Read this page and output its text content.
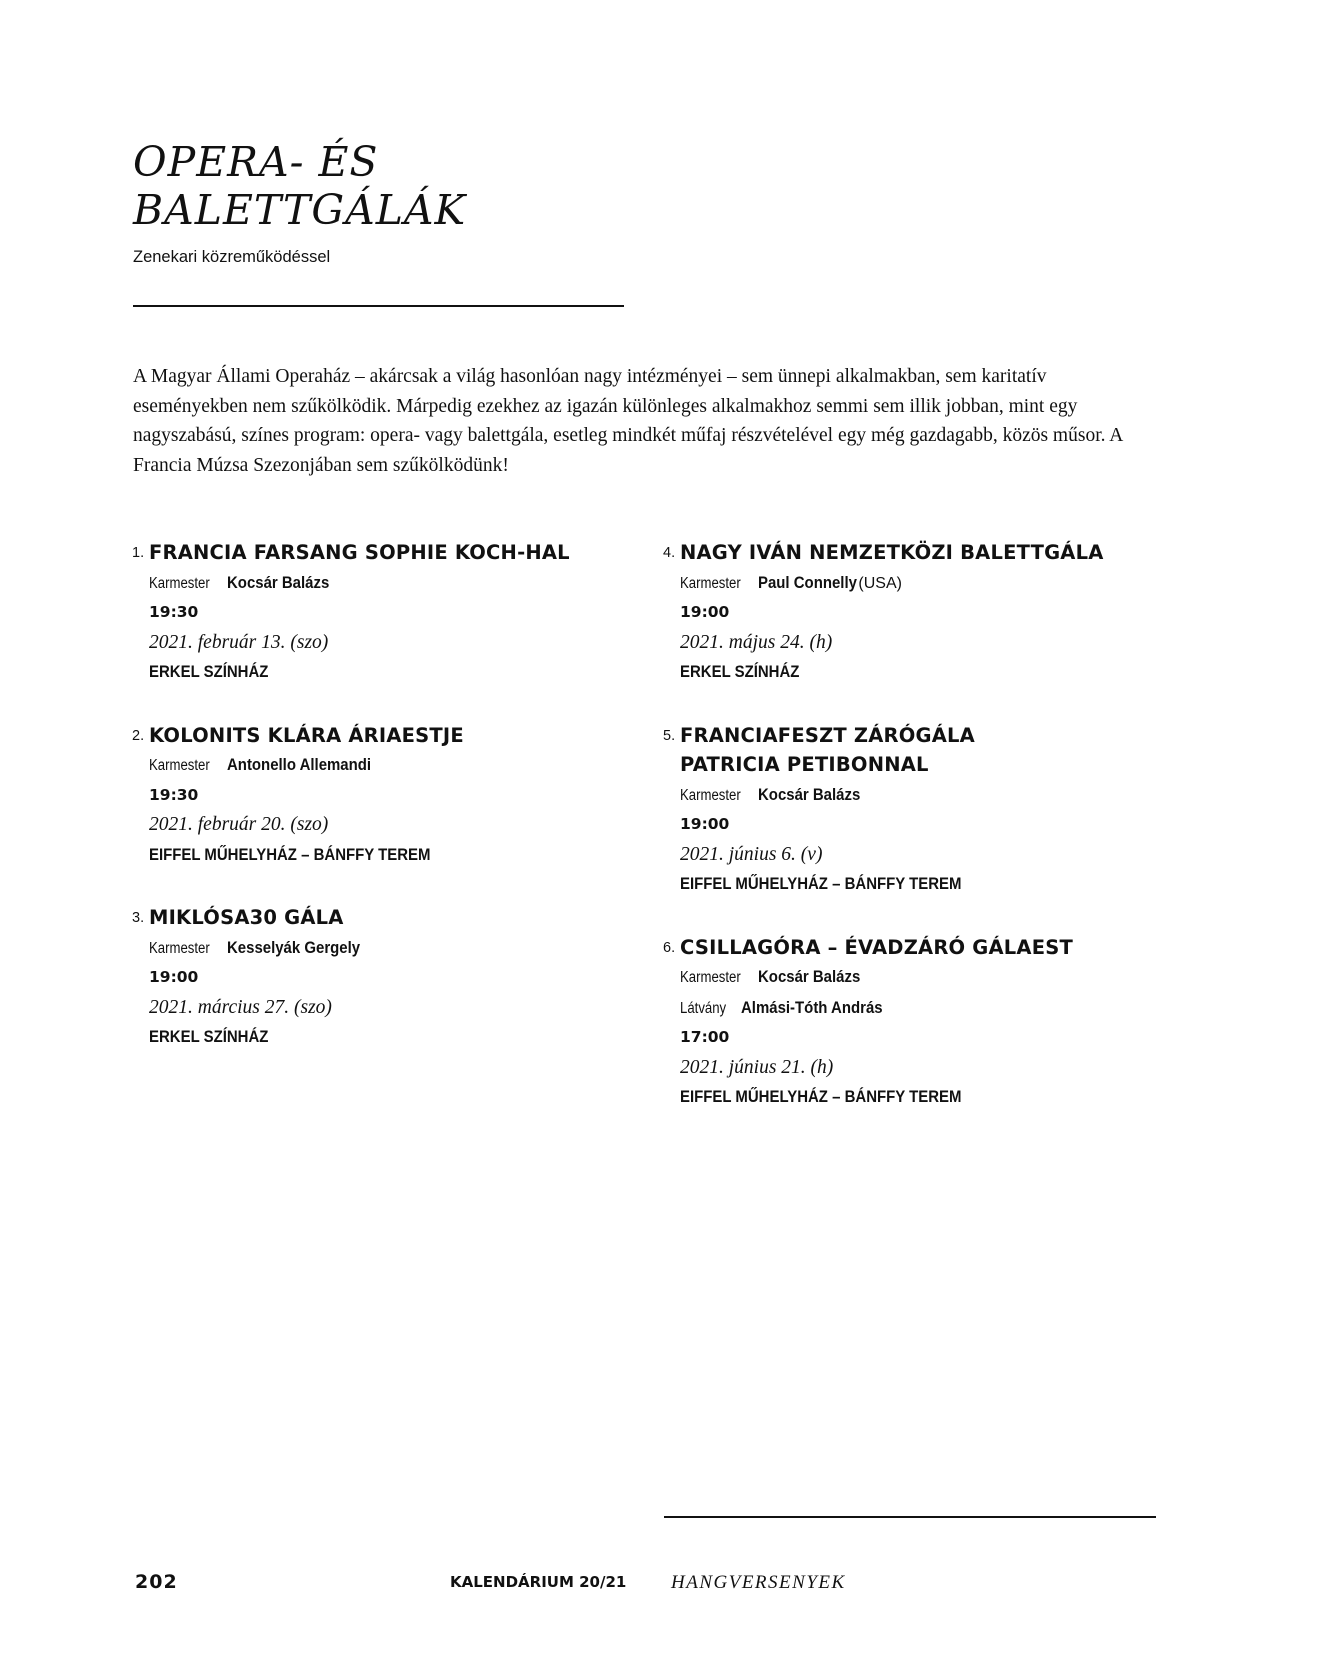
OPERA- ÉS
BALETTGÁLÁK
Zenekari közreműködéssel

A Magyar Állami Operaház – akárcsak a világ hasonlóan nagy intézményei – sem ünnepi alkalmakban, sem karitatív eseményekben nem szűkölködik. Márpedig ezekhez az igazán különleges alkalmakhoz semmi sem illik jobban, mint egy nagyszabású, színes program: opera- vagy balettgála, esetleg mindkét műfaj részvételével egy még gazdagabb, közös műsor. A Francia Múzsa Szezonjában sem szűkölködünk!

1. FRANCIA FARSANG SOPHIE KOCH-HAL
Karmester Kocsár Balázs
19:30
2021. február 13. (szo)
ERKEL SZÍNHÁZ
2. KOLONITS KLÁRA ÁRIAESTJE
Karmester Antonello Allemandi
19:30
2021. február 20. (szo)
EIFFEL MŰHELYHÁZ – BÁNFFY TEREM
3. MIKLÓSA30 GÁLA
Karmester Kesselyák Gergely
19:00
2021. március 27. (szo)
ERKEL SZÍNHÁZ
4. NAGY IVÁN NEMZETKÖZI BALETTGÁLA
Karmester Paul Connelly (USA)
19:00
2021. május 24. (h)
ERKEL SZÍNHÁZ
5. FRANCIAFESZT ZÁRÓGÁLA
PATRICIA PETIBONNAL
Karmester Kocsár Balázs
19:00
2021. június 6. (v)
EIFFEL MŰHELYHÁZ – BÁNFFY TEREM
6. CSILLAGÓRA – ÉVADZÁRÓ GÁLAEST
Karmester Kocsár Balázs
Látvány Almási-Tóth András
17:00
2021. június 21. (h)
EIFFEL MŰHELYHÁZ – BÁNFFY TEREM
202	KALENDÁRIUM 20/21 HANGVERSENYEK
